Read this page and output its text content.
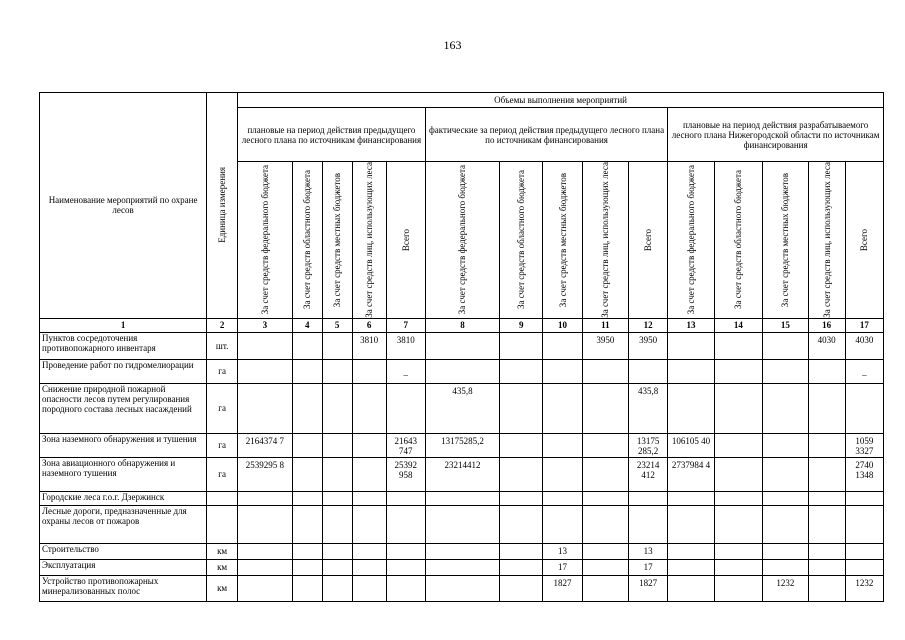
163
Наименование мероприятий по охране лесов	Единица измерения	Объемы выполнения мероприятий														
		плановые на период действия предыдущего лесного плана по источникам финансирования					фактические за период действия предыдущего лесного плана по источникам финансирования					плановые на период действия разрабатываемого лесного плана Нижегородской области по источникам финансирования				

		За счет средств федерального бюджета	За счет средств областного бюджета	За счет средств местных бюджетов	За счет средств лиц, использующих леса	Всего	За счет средств федерального бюджета	За счет средств областного бюджета	За счет средств местных бюджетов	За счет средств лиц, использующих леса	Всего	За счет средств федерального бюджета	За счет средств областного бюджета	За счет средств местных бюджетов	За счет средств лиц, использующих леса	Всего

1	2	3	4	5	6	7	8	9	10	11	12	13	14	15	16	17
Пунктов сосредоточения противопожарного инвентаря	шт.				3810	3810				3950	3950				4030	4030
Проведение работ по гидромелиорации	га					_										_
Снижение природной пожарной опасности лесов путем регулирования породного состава лесных насаждений	га						435,8				435,8					
Зона наземного обнаружения и тушения	га	2164374 7				21643 747	13175285,2				13175 285,2	106105 40				1059 3327
Зона авиационного обнаружения и наземного тушения	га	2539295 8				25392 958	23214412				23214 412	2737984 4				2740 1348
Городские леса г.о.г. Дзержинск																
Лесные дороги, предназначенные для охраны лесов от пожаров																
Строительство	км								13		13					
Эксплуатация	км								17		17					
Устройство противопожарных минерализованных полос	км								1827		1827			1232		1232
